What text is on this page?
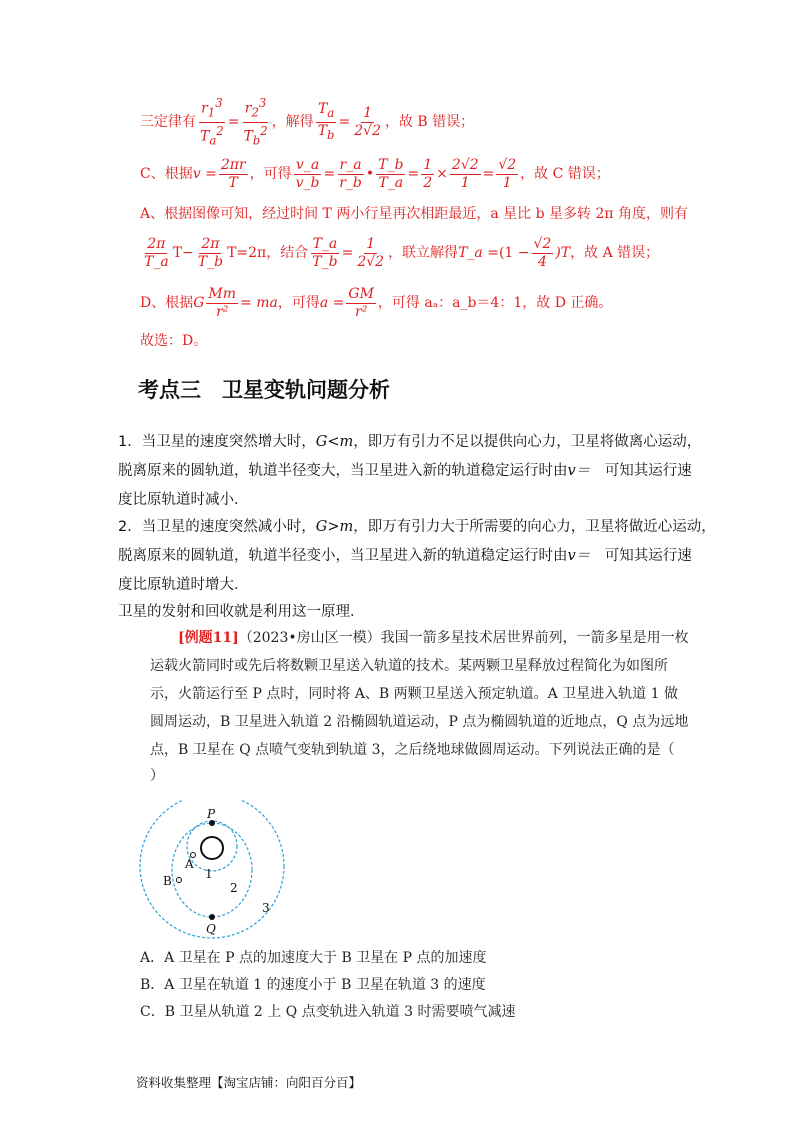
三定律有 $\frac{r_1^3}{T_a^2} = \frac{r_2^3}{T_b^2}$ ，解得 $\frac{T_a}{T_b} = \frac{1}{2√2}$ ，故 B 错误；
C、根据 $v = \frac{2\pi r}{T}$ ，可得 $\frac{v\_a}{v\_b} = \frac{r\_a}{r\_b}$ • $\frac{T\_b}{T\_a} = \frac{1}{2} \times \frac{2√2}{1} = \frac{√2}{1}$ ，故 C 错误；
A、根据图像可知，经过时间 T 两小行星再次相距最近，a 星比 b 星多转 2π 角度，则有
$\frac{2\pi}{T\_a} T- \frac{2\pi}{T\_b} T=2\pi$，结合 $\frac{T\_a}{T\_b} = \frac{1}{2√2}$ ，联立解得 T_a = $(1 - \frac{√2}{4} )T$ ，故 A 错误；
D、根据 G $\frac{Mm}{\text{r²}}$ = ma ，可得 $a = \frac{GM}{\text{r²}}$ ，可得 aₐ：a_b＝4：1，故 D 正确。
故选：D。
考点三　卫星变轨问题分析
1．当卫星的速度突然增大时，G<m，即万有引力不足以提供向心力，卫星将做离心运动，
脱离原来的圆轨道，轨道半径变大，当卫星进入新的轨道稳定运行时由v＝  可知其运行速
度比原轨道时减小．
2．当卫星的速度突然减小时，G>m，即万有引力大于所需要的向心力，卫星将做近心运动，
脱离原来的圆轨道，轨道半径变小，当卫星进入新的轨道稳定运行时由v＝  可知其运行速
度比原轨道时增大．
卫星的发射和回收就是利用这一原理．
[例题11]（2023•房山区一模）我国一箭多星技术居世界前列，一箭多星是用一枚
运载火箭同时或先后将数颗卫星送入轨道的技术。某两颗卫星释放过程简化为如图所
示，火箭运行至 P 点时，同时将 A、B 两颗卫星送入预定轨道。A 卫星进入轨道 1 做
圆周运动，B 卫星进入轨道 2 沿椭圆轨道运动，P 点为椭圆轨道的近地点，Q 点为远地
点，B 卫星在 Q 点喷气变轨到轨道 3，之后绕地球做圆周运动。下列说法正确的是（
）
P
Q
A
B	1
2
3
A．A 卫星在 P 点的加速度大于 B 卫星在 P 点的加速度
B．A 卫星在轨道 1 的速度小于 B 卫星在轨道 3 的速度
C．B 卫星从轨道 2 上 Q 点变轨进入轨道 3 时需要喷气减速
资料收集整理【淘宝店铺：向阳百分百】
